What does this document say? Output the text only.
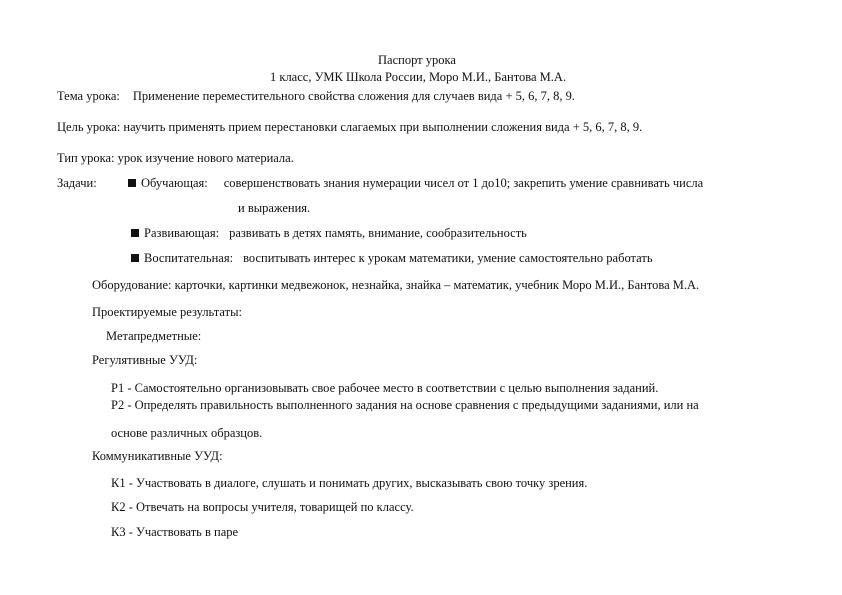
Паспорт урока
1 класс, УМК Школа России, Моро М.И., Бантова М.А.
Тема урока: Применение переместительного свойства сложения для случаев вида + 5, 6, 7, 8, 9.
Цель урока: научить применять прием перестановки слагаемых при выполнении сложения вида + 5, 6, 7, 8, 9.
Тип урока: урок изучение нового материала.
Задачи:	Обучающая: совершенствовать знания нумерации чисел от 1 до10; закрепить умение сравнивать числа
и выражения.
Развивающая: развивать в детях память, внимание, сообразительность
Воспитательная: воспитывать интерес к урокам математики, умение самостоятельно работать
Оборудование: карточки, картинки медвежонок, незнайка, знайка – математик, учебник Моро М.И., Бантова М.А.
Проектируемые результаты:
Метапредметные:
Регулятивные УУД:
Р1 - Самостоятельно организовывать свое рабочее место в соответствии с целью выполнения заданий.
Р2 - Определять правильность выполненного задания на основе сравнения с предыдущими заданиями, или на
основе различных образцов.
Коммуникативные УУД:
К1 - Участвовать в диалоге, слушать и понимать других, высказывать свою точку зрения.
К2 - Отвечать на вопросы учителя, товарищей по классу.
К3 - Участвовать в паре
